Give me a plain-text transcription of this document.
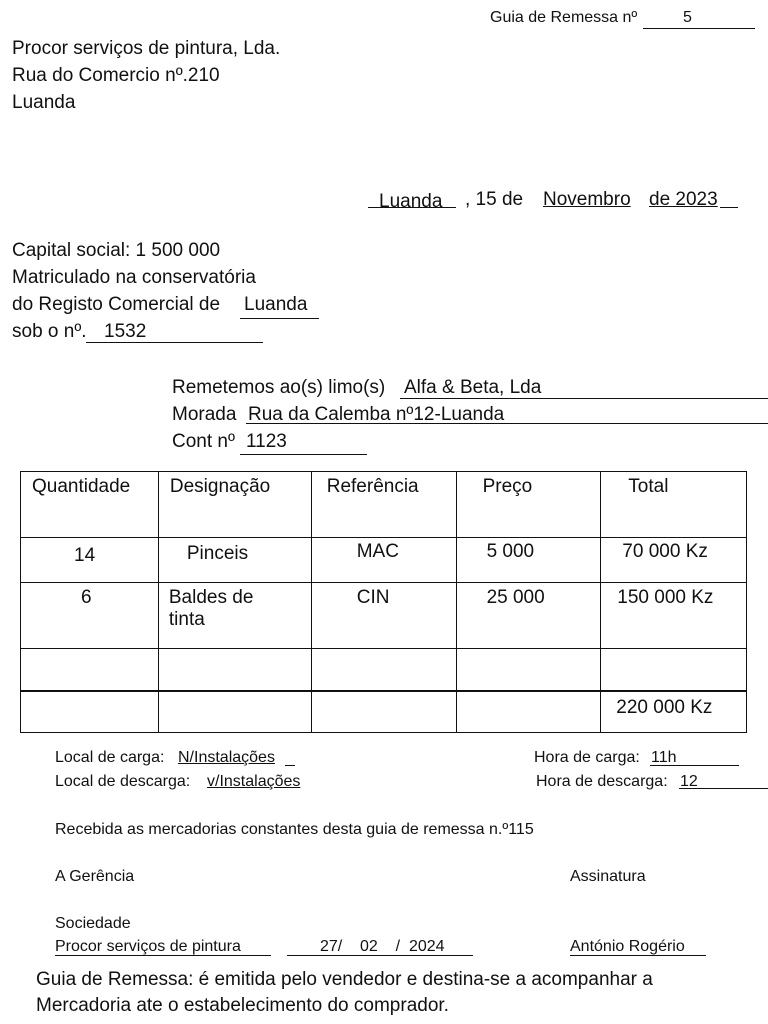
Guia de Remessa nº	5
Procor serviços de pintura, Lda.
Rua do Comercio nº.210
Luanda
Luanda , 15 de Novembro de 2023
Capital social: 1 500 000
Matriculado na conservatória
do Registo Comercial de Luanda
sob o nº. 1532
Remetemos ao(s) limo(s) Alfa & Beta, Lda
Morada Rua da Calemba nº12-Luanda
Cont nº 1123
Quantidade	Designação	Referência	Preço	Total

14	Pinceis	MAC	5 000	70 000 Kz

6	Baldes de tinta	CIN	25 000	150 000 Kz

				220 000 Kz
Local de carga: N/Instalações	Hora de carga: 11h
Local de descarga: v/Instalações	Hora de descarga: 12
Recebida as mercadorias constantes desta guia de remessa n.º115
A Gerência	Assinatura
Sociedade
Procor serviços de pintura	27/    02    /  2024	António Rogério
Guia de Remessa: é emitida pelo vendedor e destina-se a acompanhar a
Mercadoria ate o estabelecimento do comprador.
